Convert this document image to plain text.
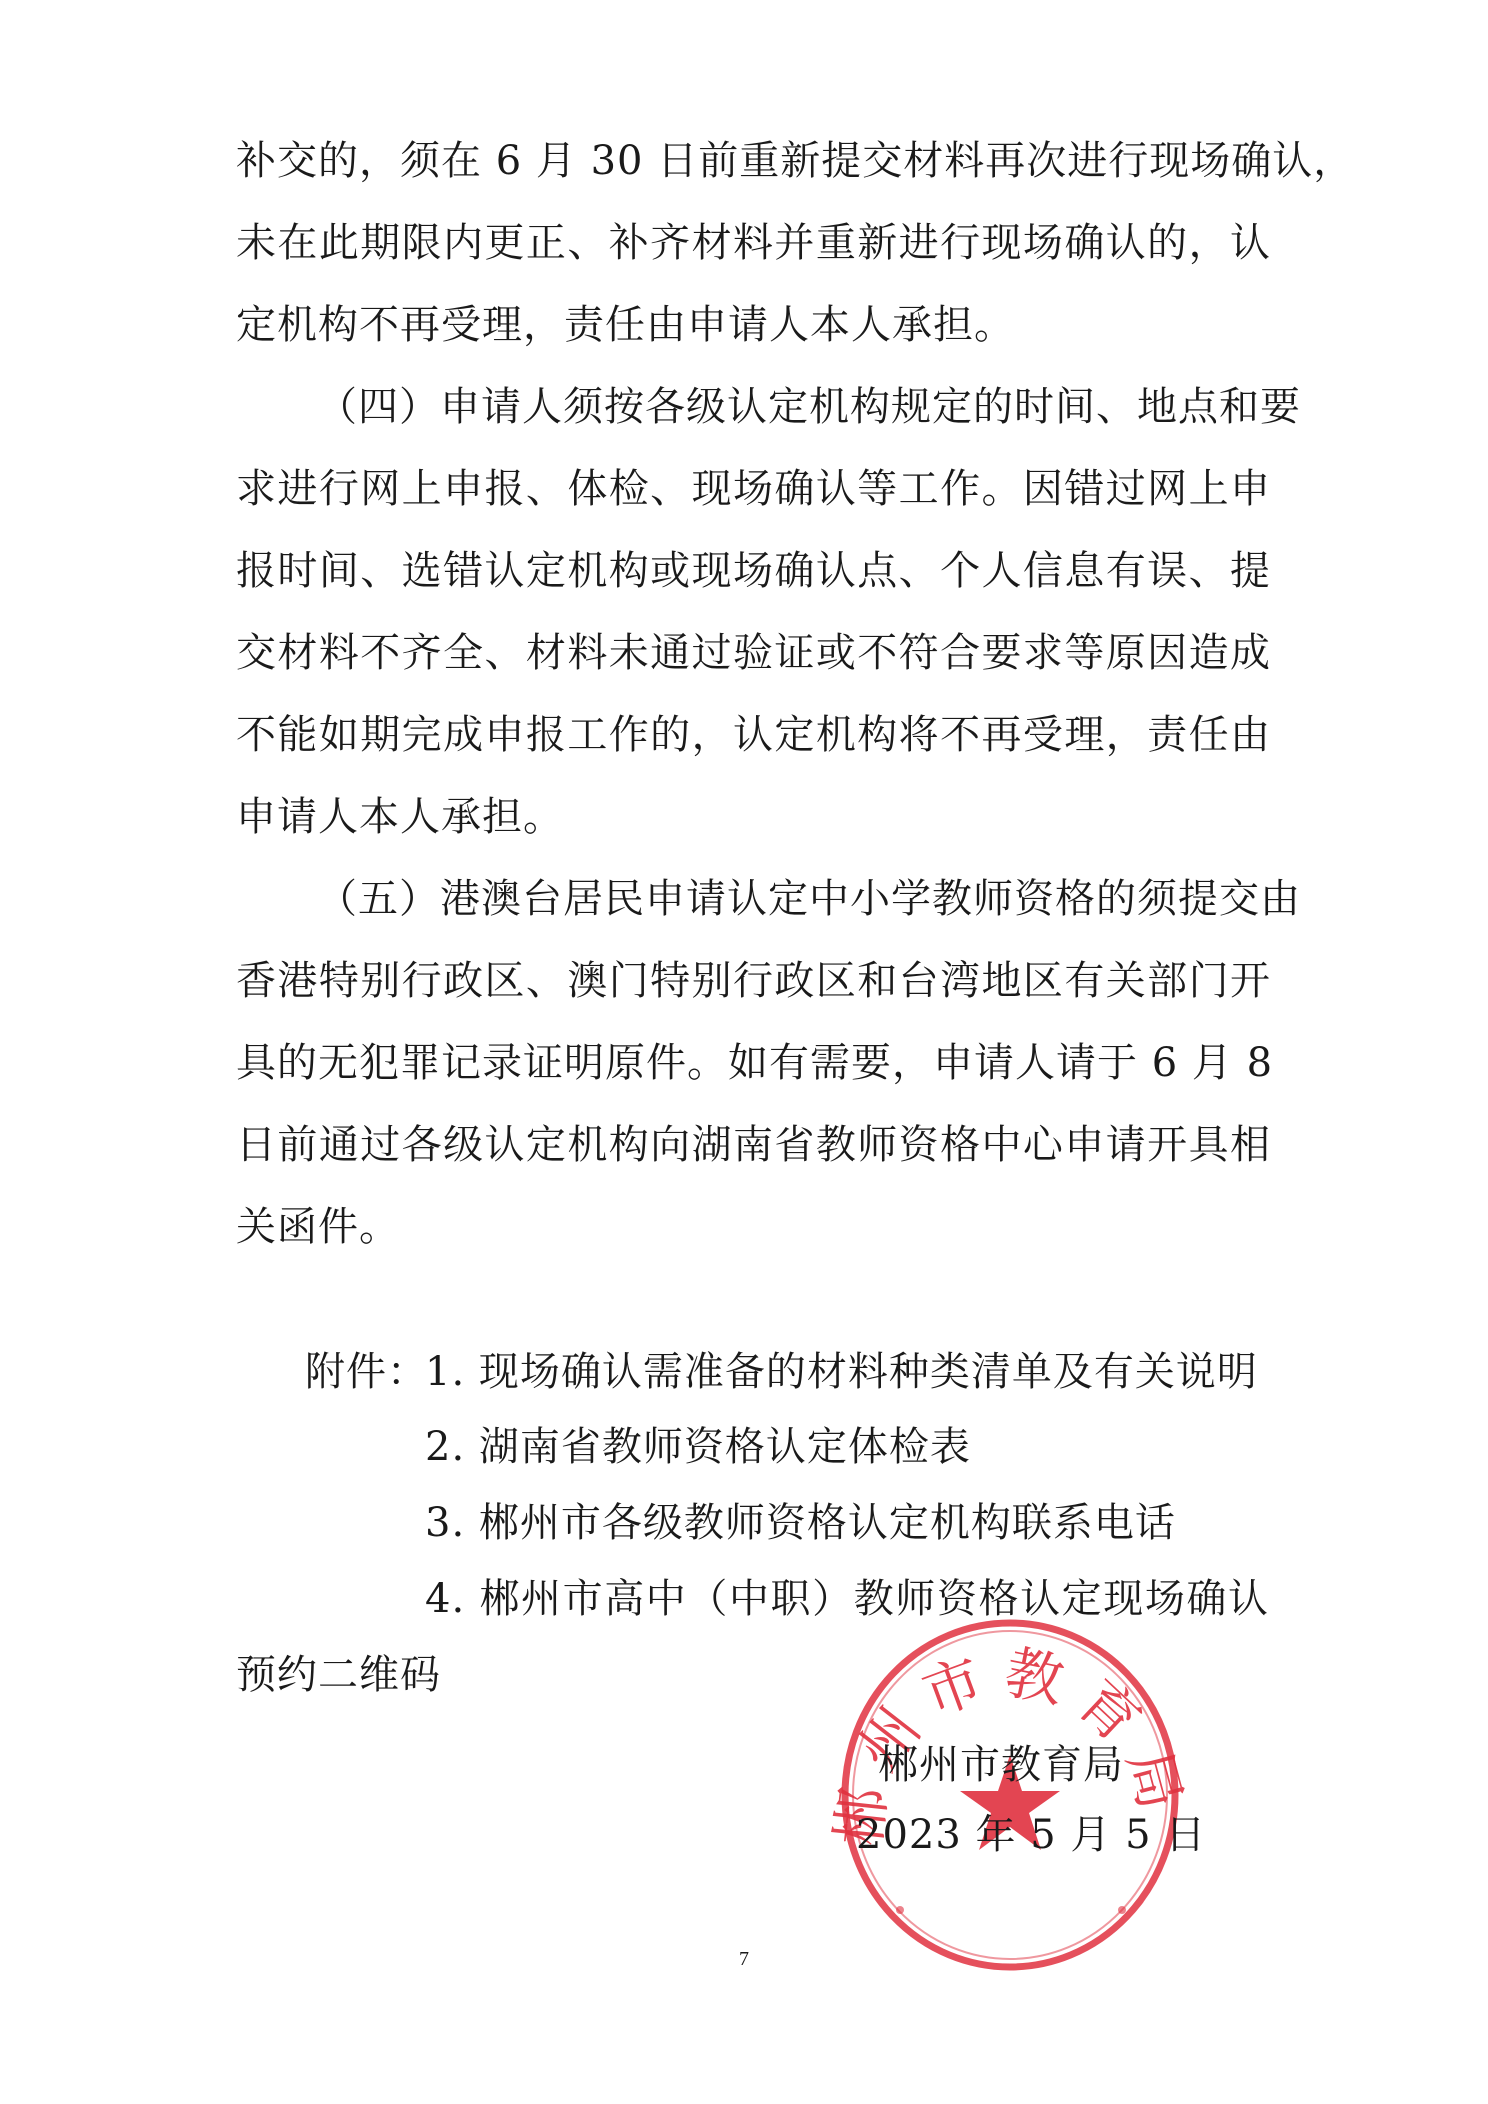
补交的，须在 6 月 30 日前重新提交材料再次进行现场确认，
未在此期限内更正、补齐材料并重新进行现场确认的，认
定机构不再受理，责任由申请人本人承担。
（四）申请人须按各级认定机构规定的时间、地点和要
求进行网上申报、体检、现场确认等工作。因错过网上申
报时间、选错认定机构或现场确认点、个人信息有误、提
交材料不齐全、材料未通过验证或不符合要求等原因造成
不能如期完成申报工作的，认定机构将不再受理，责任由
申请人本人承担。
（五）港澳台居民申请认定中小学教师资格的须提交由
香港特别行政区、澳门特别行政区和台湾地区有关部门开
具的无犯罪记录证明原件。如有需要，申请人请于 6 月 8
日前通过各级认定机构向湖南省教师资格中心申请开具相
关函件。
附件：
1. 现场确认需准备的材料种类清单及有关说明
2. 湖南省教师资格认定体检表
3. 郴州市各级教师资格认定机构联系电话
4. 郴州市高中（中职）教师资格认定现场确认
预约二维码
郴州市教育
郴州市教育局
2023 年 5 月 5 日
7
